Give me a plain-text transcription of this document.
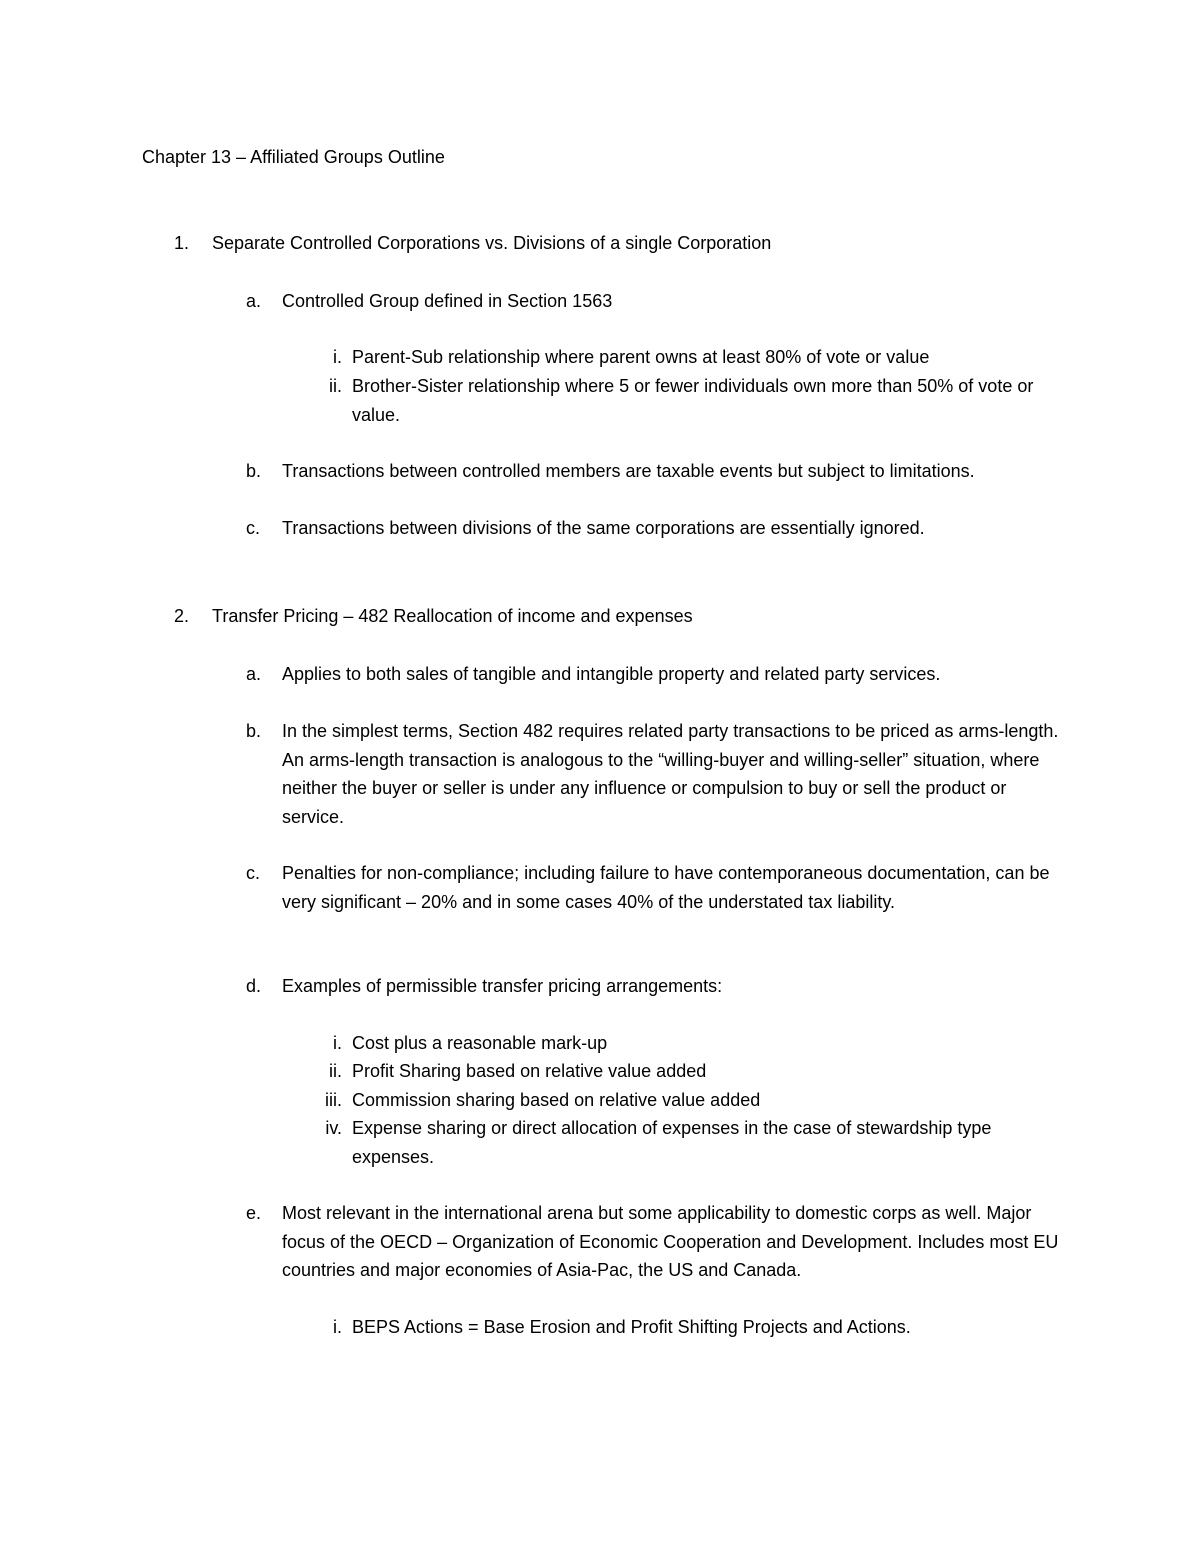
Chapter 13 – Affiliated Groups Outline
1.	Separate Controlled Corporations vs. Divisions of a single Corporation
a.	Controlled Group defined in Section 1563
i. Parent-Sub relationship where parent owns at least 80% of vote or value
ii. Brother-Sister relationship where 5 or fewer individuals own more than 50% of vote or value.
b.	Transactions between controlled members are taxable events but subject to limitations.
c.	Transactions between divisions of the same corporations are essentially ignored.
2.	Transfer Pricing – 482 Reallocation of income and expenses
a.	Applies to both sales of tangible and intangible property and related party services.
b.	In the simplest terms, Section 482 requires related party transactions to be priced as arms-length. An arms-length transaction is analogous to the “willing-buyer and willing-seller” situation, where neither the buyer or seller is under any influence or compulsion to buy or sell the product or service.
c.	Penalties for non-compliance; including failure to have contemporaneous documentation, can be very significant – 20% and in some cases 40% of the understated tax liability.
d.	Examples of permissible transfer pricing arrangements:
i. Cost plus a reasonable mark-up
ii. Profit Sharing based on relative value added
iii. Commission sharing based on relative value added
iv. Expense sharing or direct allocation of expenses in the case of stewardship type expenses.
e.	Most relevant in the international arena but some applicability to domestic corps as well. Major focus of the OECD – Organization of Economic Cooperation and Development. Includes most EU countries and major economies of Asia-Pac, the US and Canada.
i. BEPS Actions = Base Erosion and Profit Shifting Projects and Actions.
